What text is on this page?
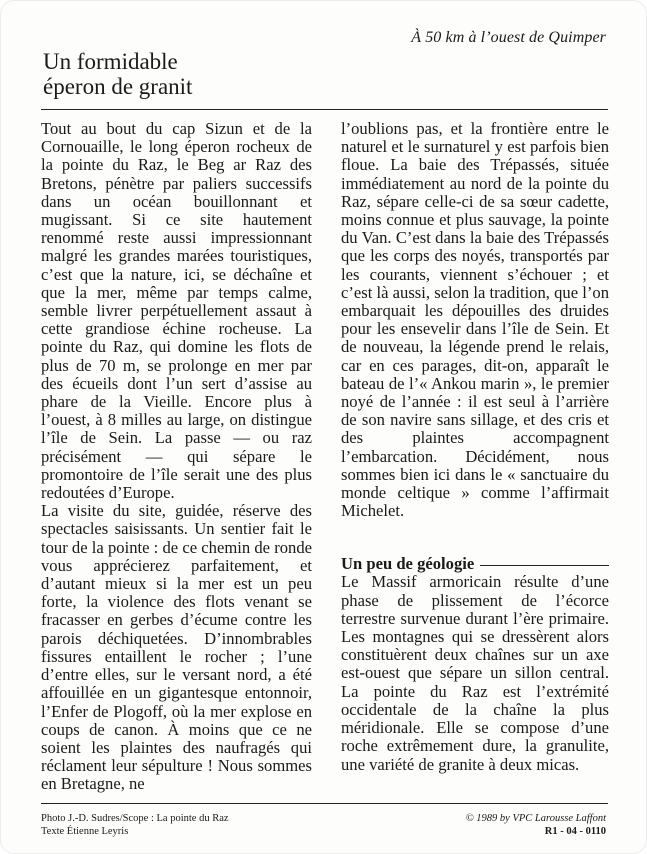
À 50 km à l’ouest de Quimper
Un formidable
éperon de granit

Tout au bout du cap Sizun et de la Cornouaille, le long éperon rocheux de la pointe du Raz, le Beg ar Raz des Bretons, pénètre par paliers successifs dans un océan bouillonnant et mugissant. Si ce site hautement renommé reste aussi impressionnant malgré les grandes marées touristiques, c’est que la nature, ici, se déchaîne et que la mer, même par temps calme, semble livrer perpétuellement assaut à cette grandiose échine rocheuse. La pointe du Raz, qui domine les flots de plus de 70 m, se prolonge en mer par des écueils dont l’un sert d’assise au phare de la Vieille. Encore plus à l’ouest, à 8 milles au large, on distingue l’île de Sein. La passe — ou raz précisément — qui sépare le promontoire de l’île serait une des plus redoutées d’Europe.

La visite du site, guidée, réserve des spectacles saisissants. Un sentier fait le tour de la pointe : de ce chemin de ronde vous apprécierez parfaitement, et d’autant mieux si la mer est un peu forte, la violence des flots venant se fracasser en gerbes d’écume contre les parois déchiquetées. D’innombrables fissures entaillent le rocher ; l’une d’entre elles, sur le versant nord, a été affouillée en un gigantesque entonnoir, l’Enfer de Plogoff, où la mer explose en coups de canon. À moins que ce ne soient les plaintes des naufragés qui réclament leur sépulture ! Nous sommes en Bretagne, ne

l’oublions pas, et la frontière entre le naturel et le surnaturel y est parfois bien floue. La baie des Trépassés, située immédiatement au nord de la pointe du Raz, sépare celle-ci de sa sœur cadette, moins connue et plus sauvage, la pointe du Van. C’est dans la baie des Trépassés que les corps des noyés, transportés par les courants, viennent s’échouer ; et c’est là aussi, selon la tradition, que l’on embarquait les dépouilles des druides pour les ensevelir dans l’île de Sein. Et de nouveau, la légende prend le relais, car en ces parages, dit-on, apparaît le bateau de l’« Ankou marin », le premier noyé de l’année : il est seul à l’arrière de son navire sans sillage, et des cris et des plaintes accompagnent l’embarcation. Décidément, nous sommes bien ici dans le « sanctuaire du monde celtique » comme l’affirmait Michelet.

Un peu de géologie

Le Massif armoricain résulte d’une phase de plissement de l’écorce terrestre survenue durant l’ère primaire. Les montagnes qui se dressèrent alors constituèrent deux chaînes sur un axe est-ouest que sépare un sillon central. La pointe du Raz est l’extrémité occidentale de la chaîne la plus méridionale. Elle se compose d’une roche extrêmement dure, la granulite, une variété de granite à deux micas.

Photo J.-D. Sudres/Scope : La pointe du Raz
Texte Étienne Leyris
© 1989 by VPC Larousse Laffont
R1 - 04 - 0110
